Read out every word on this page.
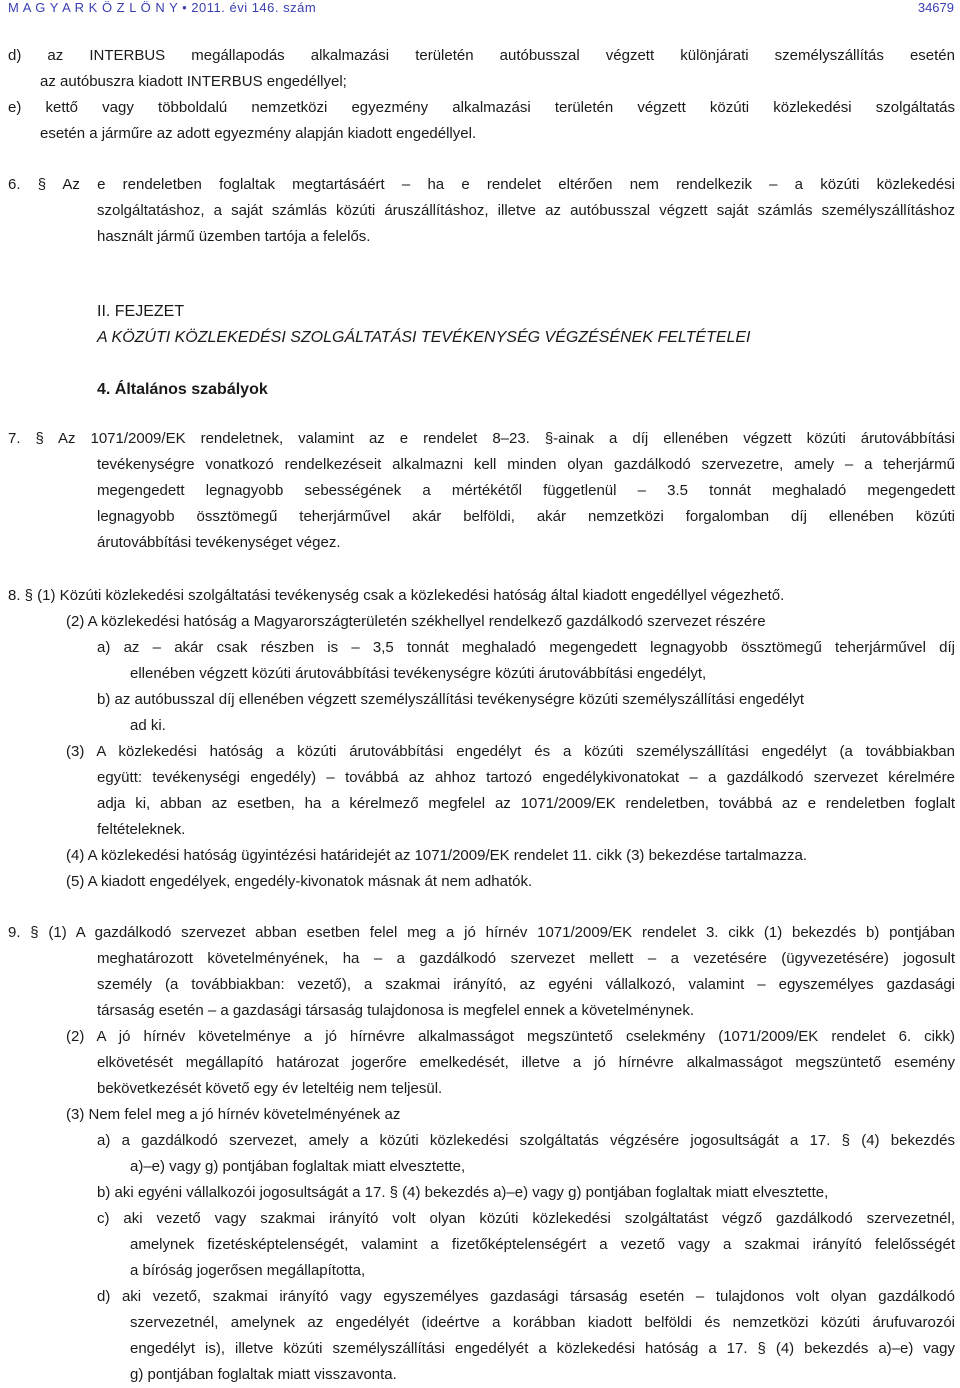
M A G Y A R K Ö Z L Ö N Y • 2011. évi 146. szám	34679
d) az INTERBUS megállapodás alkalmazási területén autóbusszal végzett különjárati személyszállítás esetén
az autóbuszra kiadott INTERBUS engedéllyel;
e) kettő vagy többoldalú nemzetközi egyezmény alkalmazási területén végzett közúti közlekedési szolgáltatás
esetén a járműre az adott egyezmény alapján kiadott engedéllyel.
6. § Az e rendeletben foglaltak megtartásáért – ha e rendelet eltérően nem rendelkezik – a közúti közlekedési
szolgáltatáshoz, a saját számlás közúti áruszállításhoz, illetve az autóbusszal végzett saját számlás személyszállításhoz
használt jármű üzemben tartója a felelős.
7. § Az 1071/2009/EK rendeletnek, valamint az e rendelet 8–23. §-ainak a díj ellenében végzett közúti árutovábbítási
tevékenységre vonatkozó rendelkezéseit alkalmazni kell minden olyan gazdálkodó szervezetre, amely – a teherjármű
megengedett legnagyobb sebességének a mértékétől függetlenül – 3.5 tonnát meghaladó megengedett
legnagyobb össztömegű teherjárművel akár belföldi, akár nemzetközi forgalomban díj ellenében közúti
árutovábbítási tevékenységet végez.
8. § (1) Közúti közlekedési szolgáltatási tevékenység csak a közlekedési hatóság által kiadott engedéllyel végezhető.
(2) A közlekedési hatóság a Magyarországterületén székhellyel rendelkező gazdálkodó szervezet részére
a) az – akár csak részben is – 3,5 tonnát meghaladó megengedett legnagyobb össztömegű teherjárművel díj
ellenében végzett közúti árutovábbítási tevékenységre közúti árutovábbítási engedélyt,
b) az autóbusszal díj ellenében végzett személyszállítási tevékenységre közúti személyszállítási engedélyt
ad ki.
(3) A közlekedési hatóság a közúti árutovábbítási engedélyt és a közúti személyszállítási engedélyt (a továbbiakban
együtt: tevékenységi engedély) – továbbá az ahhoz tartozó engedélykivonatokat – a gazdálkodó szervezet kérelmére
adja ki, abban az esetben, ha a kérelmező megfelel az 1071/2009/EK rendeletben, továbbá az e rendeletben foglalt
feltételeknek.
(4) A közlekedési hatóság ügyintézési határidejét az 1071/2009/EK rendelet 11. cikk (3) bekezdése tartalmazza.
(5) A kiadott engedélyek, engedély-kivonatok másnak át nem adhatók.
9. § (1) A gazdálkodó szervezet abban esetben felel meg a jó hírnév 1071/2009/EK rendelet 3. cikk (1) bekezdés b) pontjában
meghatározott követelményének, ha – a gazdálkodó szervezet mellett – a vezetésére (ügyvezetésére) jogosult
személy (a továbbiakban: vezető), a szakmai irányító, az egyéni vállalkozó, valamint – egyszemélyes gazdasági
társaság esetén – a gazdasági társaság tulajdonosa is megfelel ennek a követelménynek.
(2) A jó hírnév követelménye a jó hírnévre alkalmasságot megszüntető cselekmény (1071/2009/EK rendelet 6. cikk)
elkövetését megállapító határozat jogerőre emelkedését, illetve a jó hírnévre alkalmasságot megszüntető esemény
bekövetkezését követő egy év leteltéig nem teljesül.
(3) Nem felel meg a jó hírnév követelményének az
a) a gazdálkodó szervezet, amely a közúti közlekedési szolgáltatás végzésére jogosultságát a 17. § (4) bekezdés
a)–e) vagy g) pontjában foglaltak miatt elvesztette,
b) aki egyéni vállalkozói jogosultságát a 17. § (4) bekezdés a)–e) vagy g) pontjában foglaltak miatt elvesztette,
c) aki vezető vagy szakmai irányító volt olyan közúti közlekedési szolgáltatást végző gazdálkodó szervezetnél,
amelynek fizetésképtelenségét, valamint a fizetőképtelenségért a vezető vagy a szakmai irányító felelősségét
a bíróság jogerősen megállapította,
d) aki vezető, szakmai irányító vagy egyszemélyes gazdasági társaság esetén – tulajdonos volt olyan gazdálkodó
szervezetnél, amelynek az engedélyét (ideértve a korábban kiadott belföldi és nemzetközi közúti árufuvarozói
engedélyt is), illetve közúti személyszállítási engedélyét a közlekedési hatóság a 17. § (4) bekezdés a)–e) vagy
g) pontjában foglaltak miatt visszavonta.
II. FEJEZET
A KÖZÚTI KÖZLEKEDÉSI SZOLGÁLTATÁSI TEVÉKENYSÉG VÉGZÉSÉNEK FELTÉTELEI
4. Általános szabályok
